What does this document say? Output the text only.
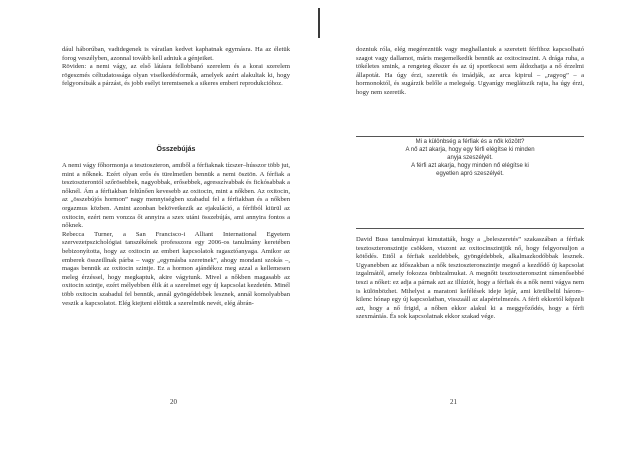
dául háborúban, vadidegenek is váratlan kedvet kaphatnak egymásra. Ha az életük forog veszélyben, azonnal tovább kell adniuk a génjeiket.
Röviden: a nemi vágy, az első látásra fellobbanó szerelem és a korai szerelem rögeszmés céltudatossága olyan viselkedésformák, amelyek azért alakultak ki, hogy felgyorsítsák a párzást, és jobb esélyt teremtsenek a sikeres emberi reprodukcióhoz.
Összebújás
A nemi vágy főhormonja a tesztoszteron, amiből a férfiaknak tízszer–hússzor több jut, mint a nőknek. Ezért olyan erős és türelmetlen bennük a nemi ösztön. A férfiak a tesztoszterontól szőrösebbek, nagyobbak, erősebbek, agresszívabbak és fickósabbak a nőknél. Ám a férfiakban feltűnően kevesebb az oxitocin, mint a nőkben. Az oxitocin, az „összebújós hormon” nagy mennyiségben szabadul fel a férfiakban és a nőkben orgazmus közben. Amint azonban bekövetkezik az ejakuláció, a férfiból kiürül az oxitocin, ezért nem vonzza őt annyira a szex utáni összebújás, ami annyira fontos a nőknek.
Rebecca Turner, a San Francisco-i Alliant International Egyetem szervezetpszichológiai tanszékének professzora egy 2006-os tanulmány keretében bebizonyította, hogy az oxitocin az emberi kapcsolatok ragasztóanyaga. Amikor az emberek összeillnak párba – vagy „egymásba szeretnek”, ahogy mondani szokás –, magas bennük az oxitocin szintje. Ez a hormon ajándékoz meg azzal a kellemesen meleg érzéssel, hogy megkaptuk, akire vágytunk. Mivel a nőkben magasabb az oxitocin szintje, ezért mélyebben élik át a szerelmet egy új kapcsolat kezdetén. Minél több oxitocin szabadul fel bennük, annál gyöngédebbek lesznek, annál komolyabban veszik a kapcsolatot. Elég kiejteni előttük a szerelmük nevét, elég ábrán-
20
dozniuk róla, elég megérezniük vagy meghallaniuk a szeretett férfihoz kapcsolható szagot vagy dallamot, máris megemelkedik bennük az oxitocinszint. A drága ruha, a tökéletes smink, a rengeteg ékszer és az új sportkocsi sem áldozhatja a nő érzelmi állapotát. Ha úgy érzi, szeretik és imádják, az arca kipirul – „ragyog” – a hormonoktól, és sugárzik belőle a melegség. Ugyanígy meglátszik rajta, ha úgy érzi, hogy nem szeretik.
Mi a különbség a férfiak és a nők között?
A nő azt akarja, hogy egy férfi elégítse ki minden
anyja szeszélyét.
A férfi azt akarja, hogy minden nő elégítse ki
egyetlen apró szeszélyét.
David Buss tanulmányai kimutatták, hogy a „beleszeretés” szakaszában a férfiak tesztoszteronszintje csökken, viszont az oxitocinszintjük nő, hogy felgyorsuljon a kötődés. Ettől a férfiak szeldebbek, gyöngédebbek, alkalmazkodóbbak lesznek. Ugyanebben az időszakban a nők tesztoszteronszintje megnő a kezdődő új kapcsolat izgalmától, amely fokozza önbizalmukat. A megnőtt tesztoszteronszint rámenősebbé teszi a nőket: ez adja a párnak azt az illúziót, hogy a férfiak és a nők nemi vágya nem is különbözhet. Mihelyst a maratoni kefélések ideje lejár, ami körülbelül három–kilenc hónap egy új kapcsolatban, visszaáll az alapértelmezés. A férfi ekkortól képzeli azt, hogy a nő frigid, a nőben ekkor alakul ki a meggyőződés, hogy a férfi szexmániás. És sok kapcsolatnak ekkor szakad vége.
21
